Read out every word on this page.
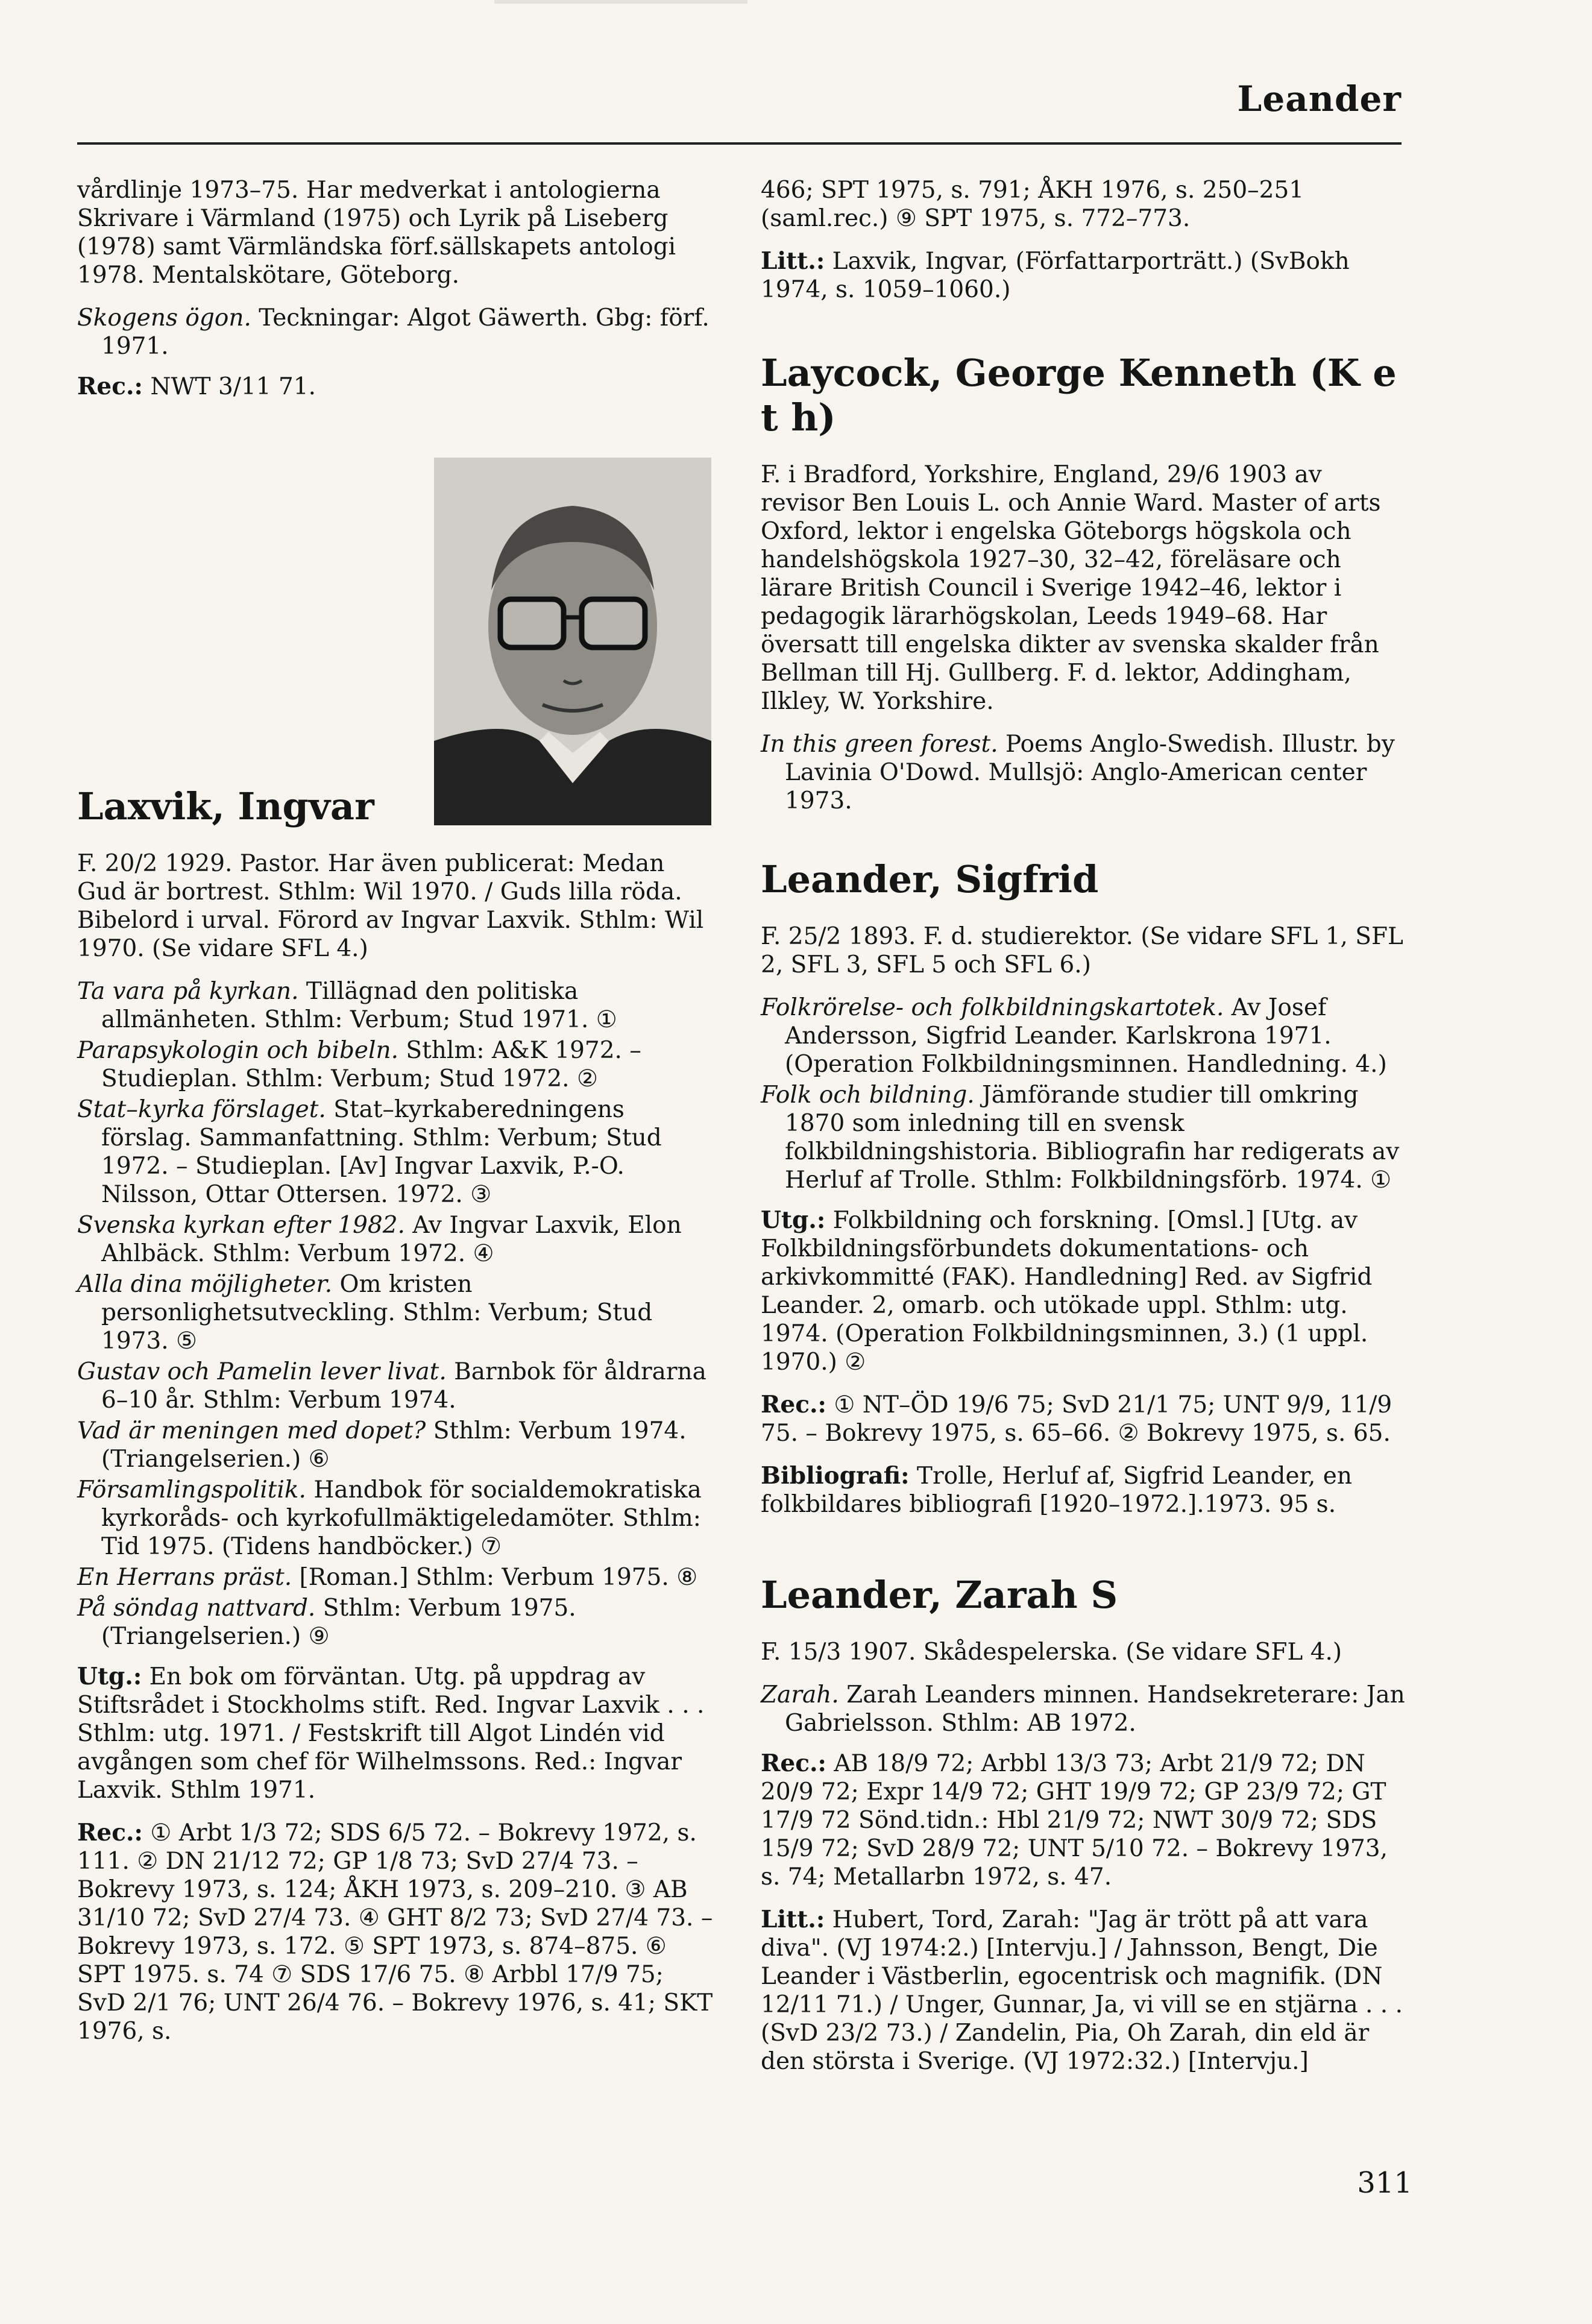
Leander

vårdlinje 1973–75. Har medverkat i antologierna Skrivare i Värmland (1975) och Lyrik på Liseberg (1978) samt Värmländska förf.sällskapets antologi 1978. Mentalskötare, Göteborg.

Skogens ögon. Teckningar: Algot Gäwerth. Gbg: förf. 1971.

Rec.: NWT 3/11 71.

Laxvik, Ingvar

F. 20/2 1929. Pastor. Har även publicerat: Medan Gud är bortrest. Sthlm: Wil 1970. / Guds lilla röda. Bibelord i urval. Förord av Ingvar Laxvik. Sthlm: Wil 1970. (Se vidare SFL 4.)

Ta vara på kyrkan. Tillägnad den politiska allmänheten. Sthlm: Verbum; Stud 1971. ①

Parapsykologin och bibeln. Sthlm: A&K 1972. – Studieplan. Sthlm: Verbum; Stud 1972. ②

Stat–kyrka förslaget. Stat–kyrkaberedningens förslag. Sammanfattning. Sthlm: Verbum; Stud 1972. – Studieplan. [Av] Ingvar Laxvik, P.-O. Nilsson, Ottar Ottersen. 1972. ③

Svenska kyrkan efter 1982. Av Ingvar Laxvik, Elon Ahlbäck. Sthlm: Verbum 1972. ④

Alla dina möjligheter. Om kristen personlighetsutveckling. Sthlm: Verbum; Stud 1973. ⑤

Gustav och Pamelin lever livat. Barnbok för åldrarna 6–10 år. Sthlm: Verbum 1974.

Vad är meningen med dopet? Sthlm: Verbum 1974. (Triangelserien.) ⑥

Församlingspolitik. Handbok för socialdemokratiska kyrkoråds- och kyrkofullmäktigeledamöter. Sthlm: Tid 1975. (Tidens handböcker.) ⑦

En Herrans präst. [Roman.] Sthlm: Verbum 1975. ⑧

På söndag nattvard. Sthlm: Verbum 1975. (Triangelserien.) ⑨

Utg.: En bok om förväntan. Utg. på uppdrag av Stiftsrådet i Stockholms stift. Red. Ingvar Laxvik . . . Sthlm: utg. 1971. / Festskrift till Algot Lindén vid avgången som chef för Wilhelmssons. Red.: Ingvar Laxvik. Sthlm 1971.

Rec.: ① Arbt 1/3 72; SDS 6/5 72. – Bokrevy 1972, s. 111. ② DN 21/12 72; GP 1/8 73; SvD 27/4 73. – Bokrevy 1973, s. 124; ÅKH 1973, s. 209–210. ③ AB 31/10 72; SvD 27/4 73. ④ GHT 8/2 73; SvD 27/4 73. – Bokrevy 1973, s. 172. ⑤ SPT 1973, s. 874–875. ⑥ SPT 1975. s. 74 ⑦ SDS 17/6 75. ⑧ Arbbl 17/9 75; SvD 2/1 76; UNT 26/4 76. – Bokrevy 1976, s. 41; SKT 1976, s.

466; SPT 1975, s. 791; ÅKH 1976, s. 250–251 (saml.rec.) ⑨ SPT 1975, s. 772–773.

Litt.: Laxvik, Ingvar, (Författarporträtt.) (SvBokh 1974, s. 1059–1060.)

Laycock, George Kenneth (K e t h)

F. i Bradford, Yorkshire, England, 29/6 1903 av revisor Ben Louis L. och Annie Ward. Master of arts Oxford, lektor i engelska Göteborgs högskola och handelshögskola 1927–30, 32–42, föreläsare och lärare British Council i Sverige 1942–46, lektor i pedagogik lärarhögskolan, Leeds 1949–68. Har översatt till engelska dikter av svenska skalder från Bellman till Hj. Gullberg. F. d. lektor, Addingham, Ilkley, W. Yorkshire.

In this green forest. Poems Anglo-Swedish. Illustr. by Lavinia O'Dowd. Mullsjö: Anglo-American center 1973.

Leander, Sigfrid

F. 25/2 1893. F. d. studierektor. (Se vidare SFL 1, SFL 2, SFL 3, SFL 5 och SFL 6.)

Folkrörelse- och folkbildningskartotek. Av Josef Andersson, Sigfrid Leander. Karlskrona 1971. (Operation Folkbildningsminnen. Handledning. 4.)

Folk och bildning. Jämförande studier till omkring 1870 som inledning till en svensk folkbildningshistoria. Bibliografin har redigerats av Herluf af Trolle. Sthlm: Folkbildningsförb. 1974. ①

Utg.: Folkbildning och forskning. [Omsl.] [Utg. av Folkbildningsförbundets dokumentations- och arkivkommitté (FAK). Handledning] Red. av Sigfrid Leander. 2, omarb. och utökade uppl. Sthlm: utg. 1974. (Operation Folkbildningsminnen, 3.) (1 uppl. 1970.) ②

Rec.: ① NT–ÖD 19/6 75; SvD 21/1 75; UNT 9/9, 11/9 75. – Bokrevy 1975, s. 65–66. ② Bokrevy 1975, s. 65.

Bibliografi: Trolle, Herluf af, Sigfrid Leander, en folkbildares bibliografi [1920–1972.].1973. 95 s.

Leander, Zarah S

F. 15/3 1907. Skådespelerska. (Se vidare SFL 4.)

Zarah. Zarah Leanders minnen. Handsekreterare: Jan Gabrielsson. Sthlm: AB 1972.

Rec.: AB 18/9 72; Arbbl 13/3 73; Arbt 21/9 72; DN 20/9 72; Expr 14/9 72; GHT 19/9 72; GP 23/9 72; GT 17/9 72 Sönd.tidn.: Hbl 21/9 72; NWT 30/9 72; SDS 15/9 72; SvD 28/9 72; UNT 5/10 72. – Bokrevy 1973, s. 74; Metallarbn 1972, s. 47.

Litt.: Hubert, Tord, Zarah: "Jag är trött på att vara diva". (VJ 1974:2.) [Intervju.] / Jahnsson, Bengt, Die Leander i Västberlin, egocentrisk och magnifik. (DN 12/11 71.) / Unger, Gunnar, Ja, vi vill se en stjärna . . . (SvD 23/2 73.) / Zandelin, Pia, Oh Zarah, din eld är den största i Sverige. (VJ 1972:32.) [Intervju.]

311
